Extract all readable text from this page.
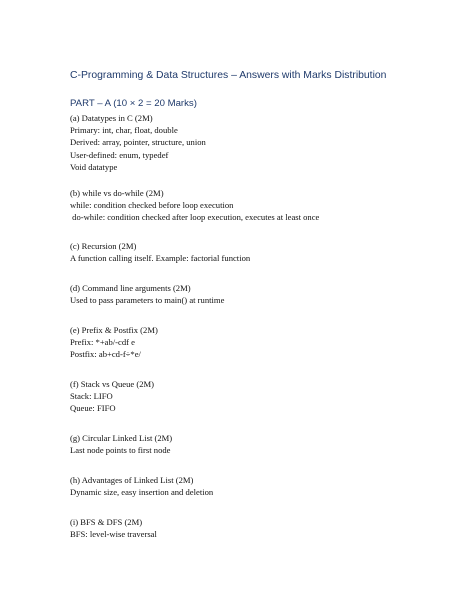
C-Programming & Data Structures – Answers with Marks Distribution
PART – A (10 × 2 = 20 Marks)
(a) Datatypes in C (2M)
Primary: int, char, float, double
Derived: array, pointer, structure, union
User-defined: enum, typedef
Void datatype
(b) while vs do-while (2M)
while: condition checked before loop execution
do-while: condition checked after loop execution, executes at least once
(c) Recursion (2M)
A function calling itself. Example: factorial function
(d) Command line arguments (2M)
Used to pass parameters to main() at runtime
(e) Prefix & Postfix (2M)
Prefix: *+ab/-cdf e
Postfix: ab+cd-f÷*e/
(f) Stack vs Queue (2M)
Stack: LIFO
Queue: FIFO
(g) Circular Linked List (2M)
Last node points to first node
(h) Advantages of Linked List (2M)
Dynamic size, easy insertion and deletion
(i) BFS & DFS (2M)
BFS: level-wise traversal
